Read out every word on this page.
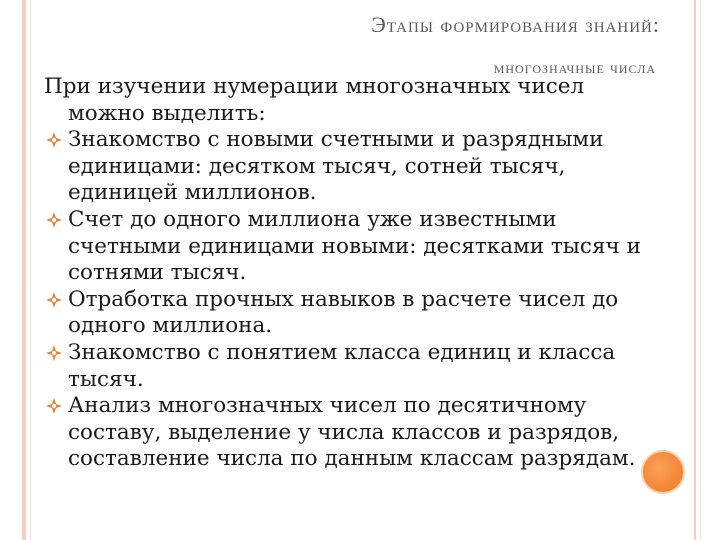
Этапы формирования знаний:
многозначные числа

При изучении нумерации многозначных чисел можно выделить:

Знакомство с новыми счетными и разрядными единицами: десятком тысяч, сотней тысяч, единицей миллионов.
Счет до одного миллиона уже известными счетными единицами новыми: десятками тысяч и сотнями тысяч.
Отработка прочных навыков в расчете чисел до одного миллиона.
Знакомство с понятием класса единиц и класса тысяч.
Анализ многозначных чисел по десятичному составу, выделение у числа классов и разрядов, составление числа по данным классам разрядам.
